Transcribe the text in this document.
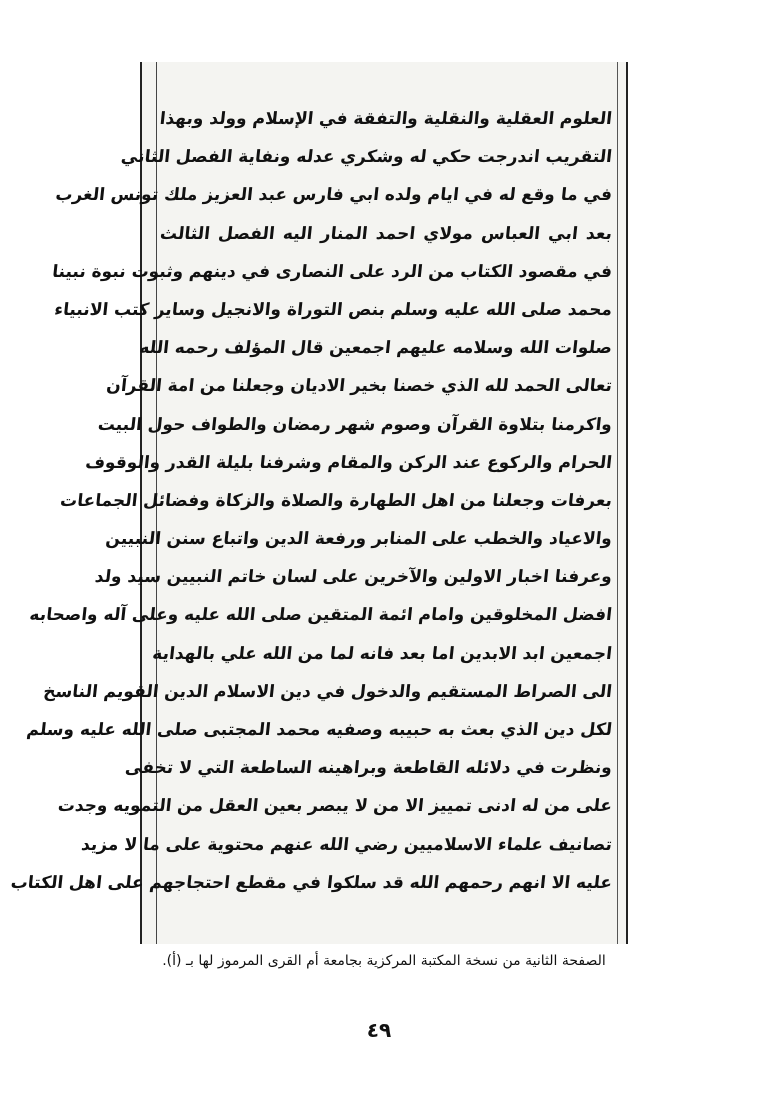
العلوم العقلية والنقلية والتفقة في الإسلام وولد وبهذا
التقريب اندرجت حكي له وشكري عدله ونفاية الفصل الثاني
في ما وقع له في ايام ولده ابي فارس عبد العزيز ملك تونس الغرب
بعد ابي العباس مولاي احمد المنار اليه الفصل الثالث
في مقصود الكتاب من الرد على النصارى في دينهم وثبوت نبوة نبينا
محمد صلى الله عليه وسلم بنص التوراة والانجيل وساير كتب الانبياء
صلوات الله وسلامه عليهم اجمعين قال المؤلف رحمه الله
تعالى الحمد لله الذي خصنا بخير الاديان وجعلنا من امة القرآن
واكرمنا بتلاوة القرآن وصوم شهر رمضان والطواف حول البيت
الحرام والركوع عند الركن والمقام وشرفنا بليلة القدر والوقوف
بعرفات وجعلنا من اهل الطهارة والصلاة والزكاة وفضائل الجماعات
والاعياد والخطب على المنابر ورفعة الدين واتباع سنن النبيين
وعرفنا اخبار الاولين والآخرين على لسان خاتم النبيين سيد ولد
افضل المخلوقين وامام ائمة المتقين صلى الله عليه وعلى آله واصحابه
اجمعين ابد الابدين اما بعد فانه لما من الله علي بالهداية
الى الصراط المستقيم والدخول في دين الاسلام الدين القويم الناسخ
لكل دين الذي بعث به حبيبه وصفيه محمد المجتبى صلى الله عليه وسلم
ونظرت في دلائله القاطعة وبراهينه الساطعة التي لا تخفى
على من له ادنى تمييز الا من لا يبصر بعين العقل من التمويه وجدت
تصانيف علماء الاسلاميين رضي الله عنهم محتوية على ما لا مزيد
عليه الا انهم رحمهم الله قد سلكوا في مقطع احتجاجهم على اهل الكتاب
الصفحة الثانية من نسخة المكتبة المركزية بجامعة أم القرى المرموز لها بـ (أ).
٤٩
